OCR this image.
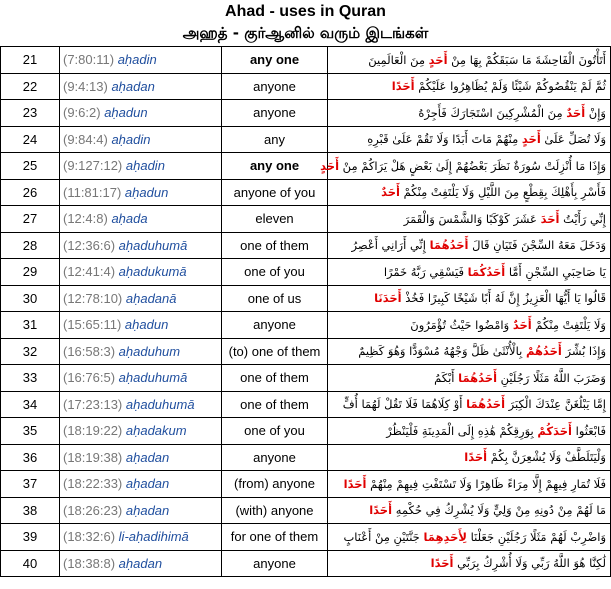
Ahad - uses in Quran
அஹத் - குர்ஆனில் வரும் இடங்கள்
21	(7:80:11) aḥadin	any one	أَتَأْتُونَ الْفَاحِشَةَ مَا سَبَقَكُمْ بِهَا مِنْ أَحَدٍ مِنَ الْعَالَمِينَ
22	(9:4:13) aḥadan	anyone	ثُمَّ لَمْ يَنْقُصُوكُمْ شَيْئًا وَلَمْ يُظَاهِرُوا عَلَيْكُمْ أَحَدًا
23	(9:6:2) aḥadun	anyone	وَإِنْ أَحَدٌ مِنَ الْمُشْرِكِينَ اسْتَجَارَكَ فَأَجِرْهُ
24	(9:84:4) aḥadin	any	وَلَا تُصَلِّ عَلَىٰ أَحَدٍ مِنْهُمْ مَاتَ أَبَدًا وَلَا تَقُمْ عَلَىٰ قَبْرِهِ
25	(9:127:12) aḥadin	any one	وَإِذَا مَا أُنْزِلَتْ سُورَةٌ نَظَرَ بَعْضُهُمْ إِلَىٰ بَعْضٍ هَلْ يَرَاكُمْ مِنْ أَحَدٍ
26	(11:81:17) aḥadun	anyone of you	فَأَسْرِ بِأَهْلِكَ بِقِطْعٍ مِنَ اللَّيْلِ وَلَا يَلْتَفِتْ مِنْكُمْ أَحَدٌ
27	(12:4:8) aḥada	eleven	إِنِّي رَأَيْتُ أَحَدَ عَشَرَ كَوْكَبًا وَالشَّمْسَ وَالْقَمَرَ
28	(12:36:6) aḥaduhumā	one of them	وَدَخَلَ مَعَهُ السِّجْنَ فَتَيَانِ قَالَ أَحَدُهُمَا إِنِّي أَرَانِي أَعْصِرُ
29	(12:41:4) aḥadukumā	one of you	يَا صَاحِبَيِ السِّجْنِ أَمَّا أَحَدُكُمَا فَيَسْقِي رَبَّهُ خَمْرًا
30	(12:78:10) aḥadanā	one of us	قَالُوا يَا أَيُّهَا الْعَزِيزُ إِنَّ لَهُ أَبًا شَيْخًا كَبِيرًا فَخُذْ أَحَدَنَا
31	(15:65:11) aḥadun	anyone	وَلَا يَلْتَفِتْ مِنْكُمْ أَحَدٌ وَامْضُوا حَيْثُ تُؤْمَرُونَ
32	(16:58:3) aḥaduhum	(to) one of them	وَإِذَا بُشِّرَ أَحَدُهُمْ بِالْأُنْثَىٰ ظَلَّ وَجْهُهُ مُسْوَدًّا وَهُوَ كَظِيمٌ
33	(16:76:5) aḥaduhumā	one of them	وَضَرَبَ اللَّهُ مَثَلًا رَجُلَيْنِ أَحَدُهُمَا أَبْكَمُ
34	(17:23:13) aḥaduhumā	one of them	إِمَّا يَبْلُغَنَّ عِنْدَكَ الْكِبَرَ أَحَدُهُمَا أَوْ كِلَاهُمَا فَلَا تَقُلْ لَهُمَا أُفٍّ
35	(18:19:22) aḥadakum	one of you	فَابْعَثُوا أَحَدَكُمْ بِوَرِقِكُمْ هَٰذِهِ إِلَى الْمَدِينَةِ فَلْيَنْظُرْ
36	(18:19:38) aḥadan	anyone	وَلْيَتَلَطَّفْ وَلَا يُشْعِرَنَّ بِكُمْ أَحَدًا
37	(18:22:33) aḥadan	(from) anyone	فَلَا تُمَارِ فِيهِمْ إِلَّا مِرَاءً ظَاهِرًا وَلَا تَسْتَفْتِ فِيهِمْ مِنْهُمْ أَحَدًا
38	(18:26:23) aḥadan	(with) anyone	مَا لَهُمْ مِنْ دُونِهِ مِنْ وَلِيٍّ وَلَا يُشْرِكُ فِي حُكْمِهِ أَحَدًا
39	(18:32:6) li-aḥadihimā	for one of them	وَاضْرِبْ لَهُمْ مَثَلًا رَجُلَيْنِ جَعَلْنَا لِأَحَدِهِمَا جَنَّتَيْنِ مِنْ أَعْنَابٍ
40	(18:38:8) aḥadan	anyone	لَٰكِنَّا هُوَ اللَّهُ رَبِّي وَلَا أُشْرِكُ بِرَبِّي أَحَدًا
